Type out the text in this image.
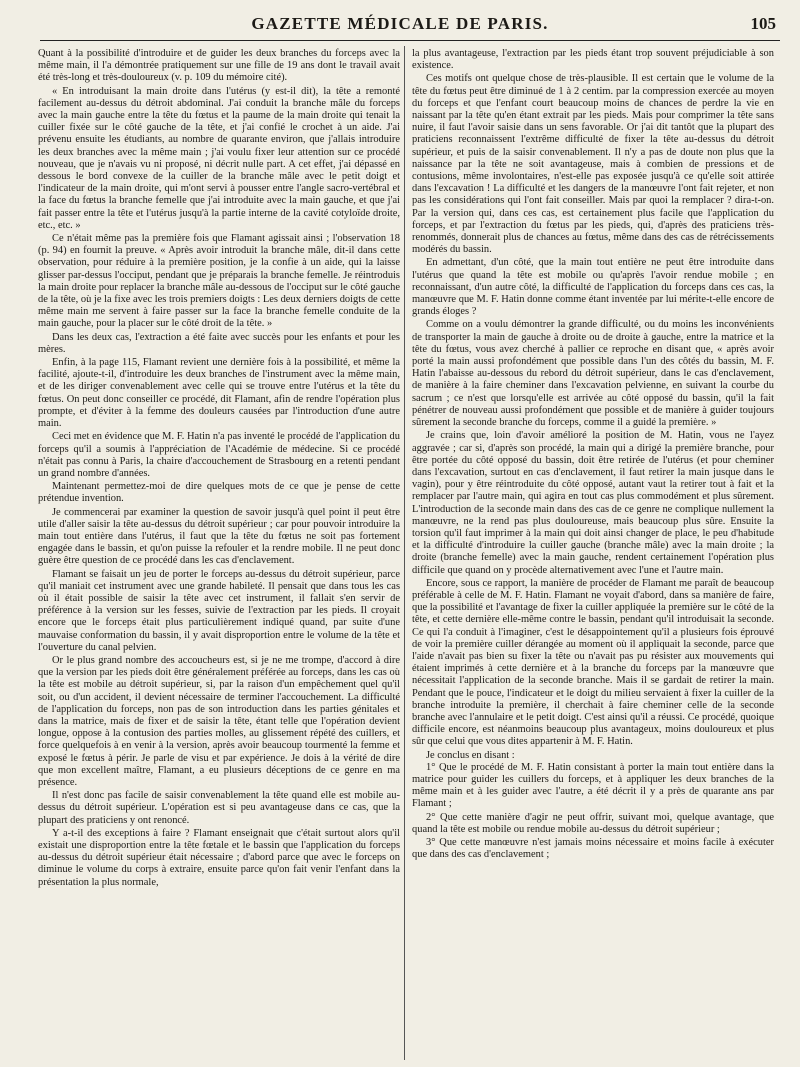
GAZETTE MÉDICALE DE PARIS.	105

Quant à la possibilité d'introduire et de guider les deux branches du forceps avec la même main, il l'a démontrée pratiquement sur une fille de 19 ans dont le travail avait été très-long et très-douloureux (v. p. 109 du mémoire cité).

« En introduisant la main droite dans l'utérus (y est-il dit), la tête a remonté facilement au-dessus du détroit abdominal. J'ai conduit la branche mâle du forceps avec la main gauche entre la tête du fœtus et la paume de la main droite qui tenait la cuiller fixée sur le côté gauche de la tête, et j'ai confié le crochet à un aide. J'ai prévenu ensuite les étudiants, au nombre de quarante environ, que j'allais introduire les deux branches avec la même main ; j'ai voulu fixer leur attention sur ce procédé nouveau, que je n'avais vu ni proposé, ni décrit nulle part. A cet effet, j'ai dépassé en dessous le bord convexe de la cuiller de la branche mâle avec le petit doigt et l'indicateur de la main droite, qui m'ont servi à pousser entre l'angle sacro-vertébral et la face du fœtus la branche femelle que j'ai introduite avec la main gauche, et que j'ai fait passer entre la tête et l'utérus jusqu'à la partie interne de la cavité cotyloïde droite, etc., etc. »

Ce n'était même pas la première fois que Flamant agissait ainsi ; l'observation 18 (p. 94) en fournit la preuve. « Après avoir introduit la branche mâle, dit-il dans cette observation, pour réduire à la première position, je la confie à un aide, qui la laisse glisser par-dessus l'occiput, pendant que je préparais la branche femelle. Je réintroduis la main droite pour replacer la branche mâle au-dessous de l'occiput sur le côté gauche de la tête, où je la fixe avec les trois premiers doigts : Les deux derniers doigts de cette même main me servent à faire passer sur la face la branche femelle conduite de la main gauche, pour la placer sur le côté droit de la tête. »

Dans les deux cas, l'extraction a été faite avec succès pour les enfants et pour les mères.

Enfin, à la page 115, Flamant revient une dernière fois à la possibilité, et même la facilité, ajoute-t-il, d'introduire les deux branches de l'instrument avec la même main, et de les diriger convenablement avec celle qui se trouve entre l'utérus et la tête du fœtus. On peut donc conseiller ce procédé, dit Flamant, afin de rendre l'opération plus prompte, et d'éviter à la femme des douleurs causées par l'introduction d'une autre main.

Ceci met en évidence que M. F. Hatin n'a pas inventé le procédé de l'application du forceps qu'il a soumis à l'appréciation de l'Académie de médecine. Si ce procédé n'était pas connu à Paris, la chaire d'accouchement de Strasbourg en a retenti pendant un grand nombre d'années.

Maintenant permettez-moi de dire quelques mots de ce que je pense de cette prétendue invention.

Je commencerai par examiner la question de savoir jusqu'à quel point il peut être utile d'aller saisir la tête au-dessus du détroit supérieur ; car pour pouvoir introduire la main tout entière dans l'utérus, il faut que la tête du fœtus ne soit pas fortement engagée dans le bassin, et qu'on puisse la refouler et la rendre mobile. Il ne peut donc guère être question de ce procédé dans les cas d'enclavement.

Flamant se faisait un jeu de porter le forceps au-dessus du détroit supérieur, parce qu'il maniait cet instrument avec une grande habileté. Il pensait que dans tous les cas où il était possible de saisir la tête avec cet instrument, il fallait s'en servir de préférence à la version sur les fesses, suivie de l'extraction par les pieds. Il croyait encore que le forceps était plus particulièrement indiqué quand, par suite d'une mauvaise conformation du bassin, il y avait disproportion entre le volume de la tête et l'ouverture du canal pelvien.

Or le plus grand nombre des accoucheurs est, si je ne me trompe, d'accord à dire que la version par les pieds doit être généralement préférée au forceps, dans les cas où la tête est mobile au détroit supérieur, si, par la raison d'un empêchement quel qu'il soit, ou d'un accident, il devient nécessaire de terminer l'accouchement. La difficulté de l'application du forceps, non pas de son introduction dans les parties génitales et dans la matrice, mais de fixer et de saisir la tête, étant telle que l'opération devient longue, oppose à la contusion des parties molles, au glissement répété des cuillers, et force quelquefois à en venir à la version, après avoir beaucoup tourmenté la femme et exposé le fœtus à périr. Je parle de visu et par expérience. Je dois à la vérité de dire que mon excellent maître, Flamant, a eu plusieurs déceptions de ce genre en ma présence.

Il n'est donc pas facile de saisir convenablement la tête quand elle est mobile au-dessus du détroit supérieur. L'opération est si peu avantageuse dans ce cas, que la plupart des praticiens y ont renoncé.

Y a-t-il des exceptions à faire ? Flamant enseignait que c'était surtout alors qu'il existait une disproportion entre la tête fœtale et le bassin que l'application du forceps au-dessus du détroit supérieur était nécessaire ; d'abord parce que avec le forceps on diminue le volume du corps à extraire, ensuite parce qu'on fait venir l'enfant dans la présentation la plus normale,

la plus avantageuse, l'extraction par les pieds étant trop souvent préjudiciable à son existence.

Ces motifs ont quelque chose de très-plausible. Il est certain que le volume de la tête du fœtus peut être diminué de 1 à 2 centim. par la compression exercée au moyen du forceps et que l'enfant court beaucoup moins de chances de perdre la vie en naissant par la tête qu'en étant extrait par les pieds. Mais pour comprimer la tête sans nuire, il faut l'avoir saisie dans un sens favorable. Or j'ai dit tantôt que la plupart des praticiens reconnaissent l'extrême difficulté de fixer la tête au-dessus du détroit supérieur, et puis de la saisir convenablement. Il n'y a pas de doute non plus que la naissance par la tête ne soit avantageuse, mais à combien de pressions et de contusions, même involontaires, n'est-elle pas exposée jusqu'à ce qu'elle soit attirée dans l'excavation ! La difficulté et les dangers de la manœuvre l'ont fait rejeter, et non pas les considérations qui l'ont fait conseiller. Mais par quoi la remplacer ? dira-t-on. Par la version qui, dans ces cas, est certainement plus facile que l'application du forceps, et par l'extraction du fœtus par les pieds, qui, d'après des praticiens très-renommés, donnerait plus de chances au fœtus, même dans des cas de rétrécissements modérés du bassin.

En admettant, d'un côté, que la main tout entière ne peut être introduite dans l'utérus que quand la tête est mobile ou qu'après l'avoir rendue mobile ; en reconnaissant, d'un autre côté, la difficulté de l'application du forceps dans ces cas, la manœuvre que M. F. Hatin donne comme étant inventée par lui mérite-t-elle encore de grands éloges ?

Comme on a voulu démontrer la grande difficulté, ou du moins les inconvénients de transporter la main de gauche à droite ou de droite à gauche, entre la matrice et la tête du fœtus, vous avez cherché à pallier ce reproche en disant que, « après avoir porté la main aussi profondément que possible dans l'un des côtés du bassin, M. F. Hatin l'abaisse au-dessous du rebord du détroit supérieur, dans le cas d'enclavement, de manière à la faire cheminer dans l'excavation pelvienne, en suivant la courbe du sacrum ; ce n'est que lorsqu'elle est arrivée au côté opposé du bassin, qu'il la fait pénétrer de nouveau aussi profondément que possible et de manière à guider toujours sûrement la seconde branche du forceps, comme il a guidé la première. »

Je crains que, loin d'avoir amélioré la position de M. Hatin, vous ne l'ayez aggravée ; car si, d'après son procédé, la main qui a dirigé la première branche, pour être portée du côté opposé du bassin, doit être retirée de l'utérus (et pour cheminer dans l'excavation, surtout en cas d'enclavement, il faut retirer la main jusque dans le vagin), pour y être réintroduite du côté opposé, autant vaut la retirer tout à fait et la remplacer par l'autre main, qui agira en tout cas plus commodément et plus sûrement. L'introduction de la seconde main dans des cas de ce genre ne complique nullement la manœuvre, ne la rend pas plus douloureuse, mais beaucoup plus sûre. Ensuite la torsion qu'il faut imprimer à la main qui doit ainsi changer de place, le peu d'habitude et la difficulté d'introduire la cuiller gauche (branche mâle) avec la main droite ; la droite (branche femelle) avec la main gauche, rendent certainement l'opération plus difficile que quand on y procède alternativement avec l'une et l'autre main.

Encore, sous ce rapport, la manière de procéder de Flamant me paraît de beaucoup préférable à celle de M. F. Hatin. Flamant ne voyait d'abord, dans sa manière de faire, que la possibilité et l'avantage de fixer la cuiller appliquée la première sur le côté de la tête, et cette dernière elle-même contre le bassin, pendant qu'il introduisait la seconde. Ce qui l'a conduit à l'imaginer, c'est le désappointement qu'il a plusieurs fois éprouvé de voir la première cuiller dérangée au moment où il appliquait la seconde, parce que l'aide n'avait pas bien su fixer la tête ou n'avait pas pu résister aux mouvements qui étaient imprimés à cette dernière et à la branche du forceps par la manœuvre que nécessitait l'application de la seconde branche. Mais il se gardait de retirer la main. Pendant que le pouce, l'indicateur et le doigt du milieu servaient à fixer la cuiller de la branche introduite la première, il cherchait à faire cheminer celle de la seconde branche avec l'annulaire et le petit doigt. C'est ainsi qu'il a réussi. Ce procédé, quoique difficile encore, est néanmoins beaucoup plus avantageux, moins douloureux et plus sûr que celui que vous dites appartenir à M. F. Hatin.

Je conclus en disant :

1° Que le procédé de M. F. Hatin consistant à porter la main tout entière dans la matrice pour guider les cuillers du forceps, et à appliquer les deux branches de la même main et à les guider avec l'autre, a été décrit il y a près de quarante ans par Flamant ;

2° Que cette manière d'agir ne peut offrir, suivant moi, quelque avantage, que quand la tête est mobile ou rendue mobile au-dessus du détroit supérieur ;

3° Que cette manœuvre n'est jamais moins nécessaire et moins facile à exécuter que dans des cas d'enclavement ;
